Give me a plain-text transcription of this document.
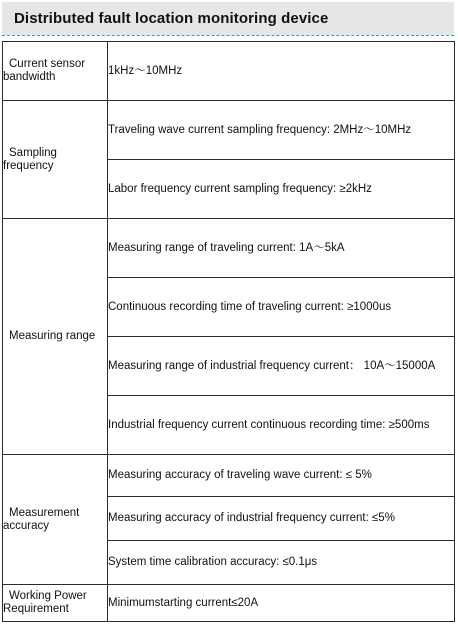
Distributed fault location monitoring device
Current sensor
bandwidth	1kHz～10MHz

Sampling
frequency	Traveling wave current sampling frequency: 2MHz～10MHz
	Labor frequency current sampling frequency: ≥2kHz

Measuring range	Measuring range of traveling current: 1A～5kA
	Continuous recording time of traveling current: ≥1000us
	Measuring range of industrial frequency current： 10A～15000A
	Industrial frequency current continuous recording time: ≥500ms

Measurement
accuracy	Measuring accuracy of traveling wave current: ≤ 5%
	Measuring accuracy of industrial frequency current: ≤5%
	System time calibration accuracy: ≤0.1μs

Working Power
Requirement	Minimumstarting current≤20A
